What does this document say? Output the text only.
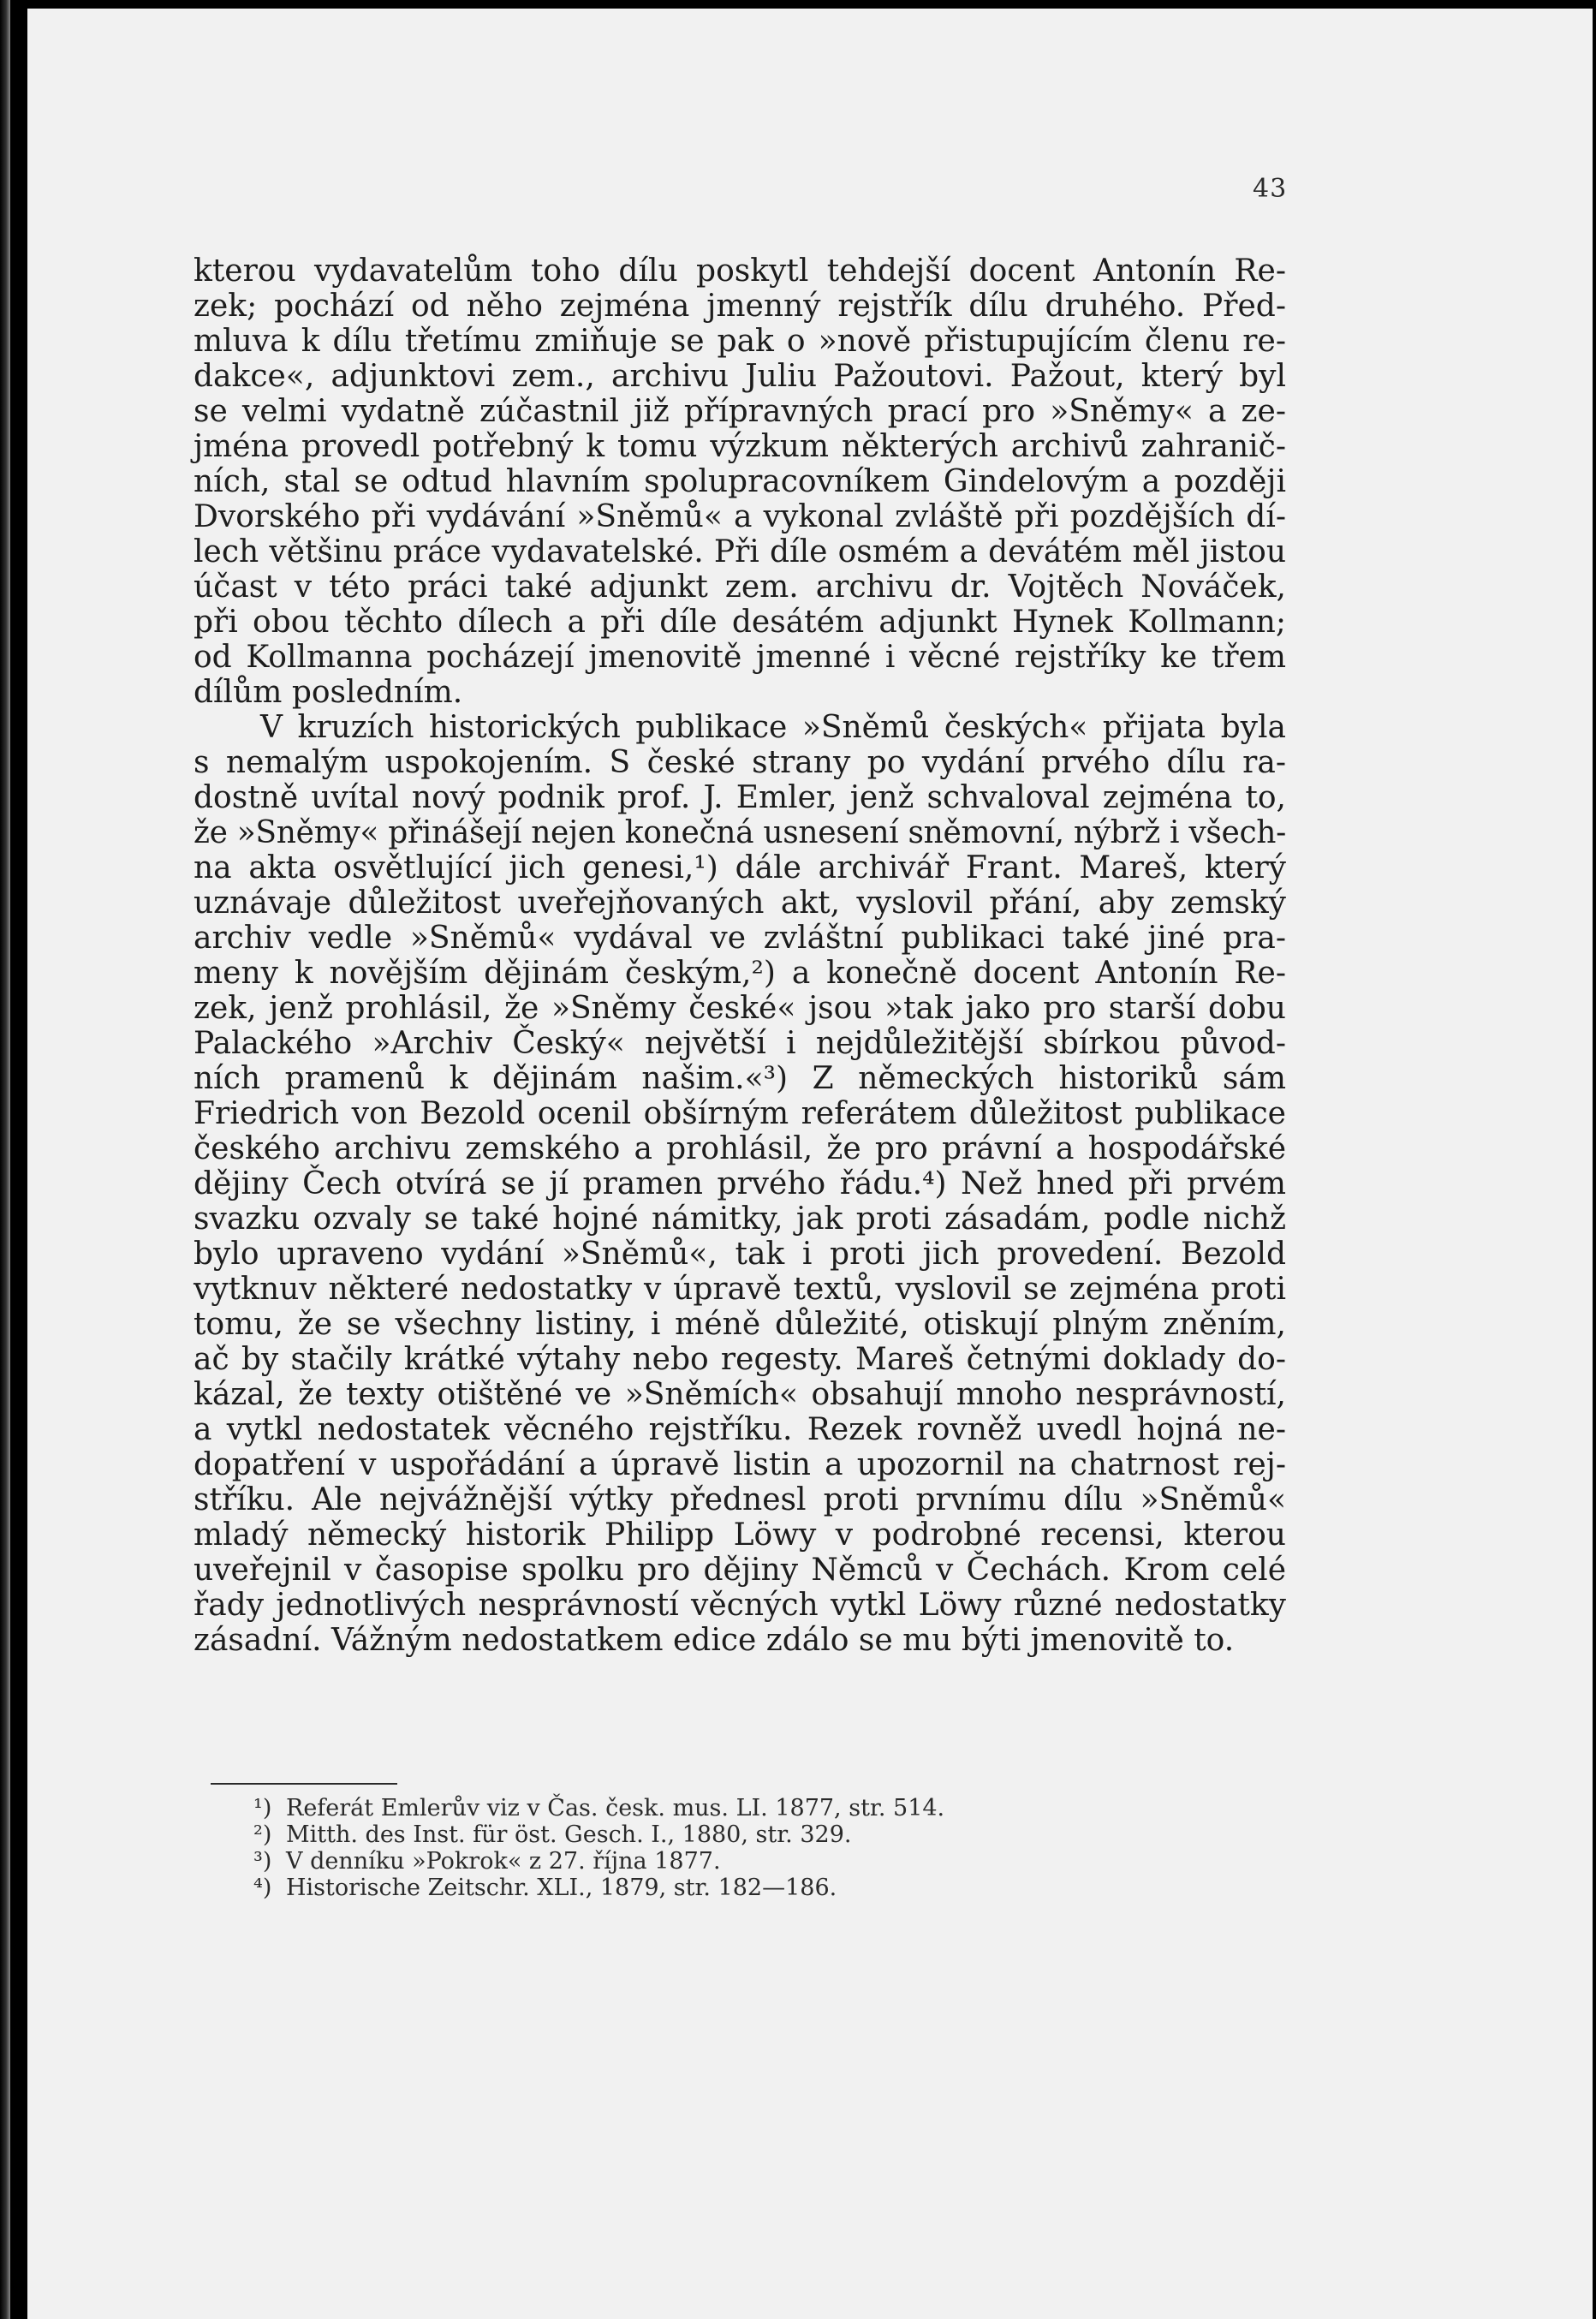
43
kterou vydavatelům toho dílu poskytl tehdejší docent Antonín Re-
zek; pochází od něho zejména jmenný rejstřík dílu druhého. Před-
mluva k dílu třetímu zmiňuje se pak o »nově přistupujícím členu re-
dakce«, adjunktovi zem., archivu Juliu Pažoutovi. Pažout, který byl
se velmi vydatně zúčastnil již přípravných prací pro »Sněmy« a ze-
jména provedl potřebný k tomu výzkum některých archivů zahranič-
ních, stal se odtud hlavním spolupracovníkem Gindelovým a později
Dvorského při vydávání »Sněmů« a vykonal zvláště při pozdějších dí-
lech většinu práce vydavatelské. Při díle osmém a devátém měl jistou
účast v této práci také adjunkt zem. archivu dr. Vojtěch Nováček,
při obou těchto dílech a při díle desátém adjunkt Hynek Kollmann;
od Kollmanna pocházejí jmenovitě jmenné i věcné rejstříky ke třem
dílům posledním.
V kruzích historických publikace »Sněmů českých« přijata byla
s nemalým uspokojením. S české strany po vydání prvého dílu ra-
dostně uvítal nový podnik prof. J. Emler, jenž schvaloval zejména to,
že »Sněmy« přinášejí nejen konečná usnesení sněmovní, nýbrž i všech-
na akta osvětlující jich genesi,¹) dále archivář Frant. Mareš, který
uznávaje důležitost uveřejňovaných akt, vyslovil přání, aby zemský
archiv vedle »Sněmů« vydával ve zvláštní publikaci také jiné pra-
meny k novějším dějinám českým,²) a konečně docent Antonín Re-
zek, jenž prohlásil, že »Sněmy české« jsou »tak jako pro starší dobu
Palackého »Archiv Český« největší i nejdůležitější sbírkou původ-
ních pramenů k dějinám našim.«³) Z německých historiků sám
Friedrich von Bezold ocenil obšírným referátem důležitost publikace
českého archivu zemského a prohlásil, že pro právní a hospodářské
dějiny Čech otvírá se jí pramen prvého řádu.⁴) Než hned při prvém
svazku ozvaly se také hojné námitky, jak proti zásadám, podle nichž
bylo upraveno vydání »Sněmů«, tak i proti jich provedení. Bezold
vytknuv některé nedostatky v úpravě textů, vyslovil se zejména proti
tomu, že se všechny listiny, i méně důležité, otiskují plným zněním,
ač by stačily krátké výtahy nebo regesty. Mareš četnými doklady do-
kázal, že texty otištěné ve »Sněmích« obsahují mnoho nesprávností,
a vytkl nedostatek věcného rejstříku. Rezek rovněž uvedl hojná ne-
dopatření v uspořádání a úpravě listin a upozornil na chatrnost rej-
stříku. Ale nejvážnější výtky přednesl proti prvnímu dílu »Sněmů«
mladý německý historik Philipp Löwy v podrobné recensi, kterou
uveřejnil v časopise spolku pro dějiny Němců v Čechách. Krom celé
řady jednotlivých nesprávností věcných vytkl Löwy různé nedostatky
zásadní. Vážným nedostatkem edice zdálo se mu býti jmenovitě to.
¹) Referát Emlerův viz v Čas. česk. mus. LI. 1877, str. 514.
²) Mitth. des Inst. für öst. Gesch. I., 1880, str. 329.
³) V denníku »Pokrok« z 27. října 1877.
⁴) Historische Zeitschr. XLI., 1879, str. 182—186.
